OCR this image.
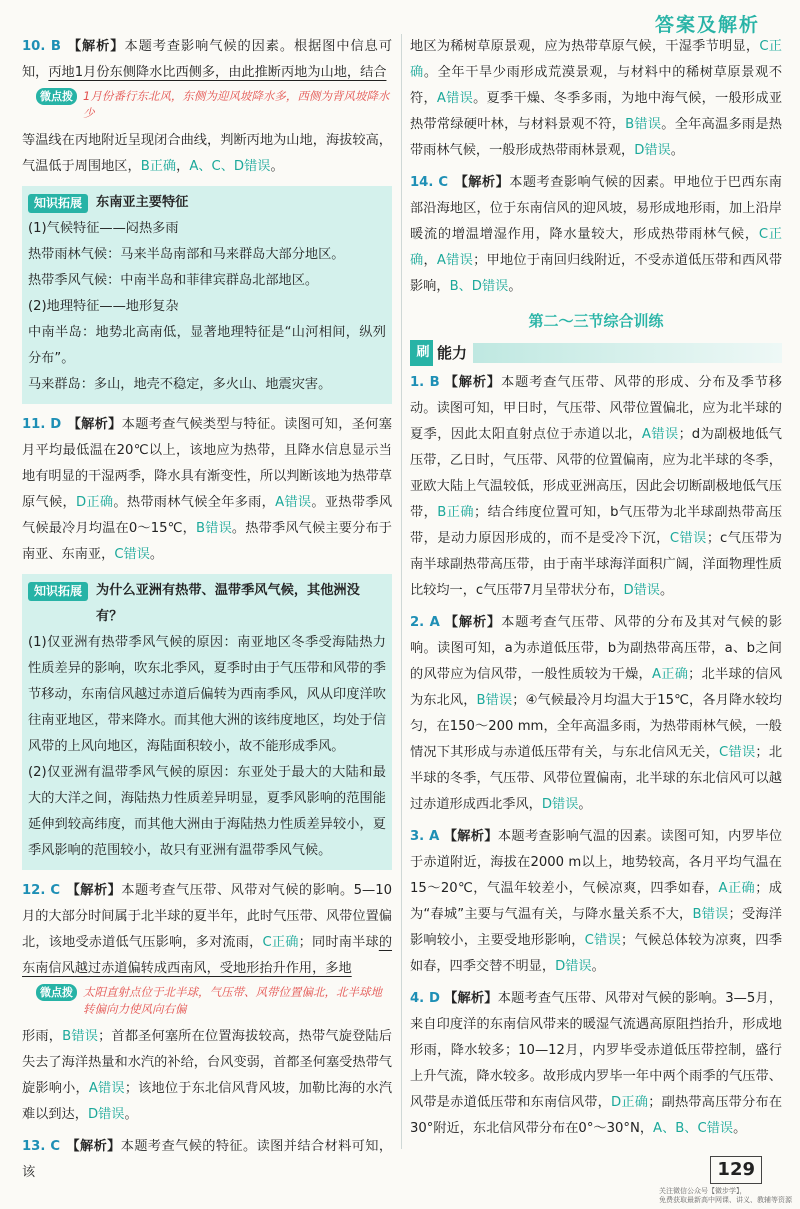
答案及解析

10. B 【解析】本题考查影响气候的因素。根据图中信息可知，丙地1月份东侧降水比西侧多，由此推断丙地为山地，结合

微点拨 1月份番行东北风，东侧为迎风坡降水多，西侧为背风坡降水少

等温线在丙地附近呈现闭合曲线，判断丙地为山地，海拔较高，气温低于周围地区，B正确，A、C、D错误。

知识拓展	东南亚主要特征

(1)气候特征——闷热多雨

热带雨林气候：马来半岛南部和马来群岛大部分地区。

热带季风气候：中南半岛和菲律宾群岛北部地区。

(2)地理特征——地形复杂

中南半岛：地势北高南低，显著地理特征是“山河相间，纵列分布”。

马来群岛：多山，地壳不稳定，多火山、地震灾害。

11. D 【解析】本题考查气候类型与特征。读图可知，圣何塞月平均最低温在20℃以上，该地应为热带，且降水信息显示当地有明显的干湿两季，降水具有渐变性，所以判断该地为热带草原气候，D正确。热带雨林气候全年多雨，A错误。亚热带季风气候最冷月均温在0～15℃，B错误。热带季风气候主要分布于南亚、东南亚，C错误。

知识拓展	为什么亚洲有热带、温带季风气候，其他洲没有？

(1)仅亚洲有热带季风气候的原因：南亚地区冬季受海陆热力性质差异的影响，吹东北季风，夏季时由于气压带和风带的季节移动，东南信风越过赤道后偏转为西南季风，风从印度洋吹往南亚地区，带来降水。而其他大洲的该纬度地区，均处于信风带的上风向地区，海陆面积较小，故不能形成季风。

(2)仅亚洲有温带季风气候的原因：东亚处于最大的大陆和最大的大洋之间，海陆热力性质差异明显，夏季风影响的范围能延伸到较高纬度，而其他大洲由于海陆热力性质差异较小，夏季风影响的范围较小，故只有亚洲有温带季风气候。

12. C 【解析】本题考查气压带、风带对气候的影响。5—10月的大部分时间属于北半球的夏半年，此时气压带、风带位置偏北，该地受赤道低气压影响，多对流雨，C正确；同时南半球的东南信风越过赤道偏转成西南风，受地形抬升作用，多地

微点拨 太阳直射点位于北半球，气压带、风带位置偏北，北半球地转偏向力使风向右偏

形雨，B错误；首都圣何塞所在位置海拔较高，热带气旋登陆后失去了海洋热量和水汽的补给，台风变弱，首都圣何塞受热带气旋影响小，A错误；该地位于东北信风背风坡，加勒比海的水汽难以到达，D错误。

13. C 【解析】本题考查气候的特征。读图并结合材料可知，该

地区为稀树草原景观，应为热带草原气候，干湿季节明显，C正确。全年干旱少雨形成荒漠景观，与材料中的稀树草原景观不符，A错误。夏季干燥、冬季多雨，为地中海气候，一般形成亚热带常绿硬叶林，与材料景观不符，B错误。全年高温多雨是热带雨林气候，一般形成热带雨林景观，D错误。

14. C 【解析】本题考查影响气候的因素。甲地位于巴西东南部沿海地区，位于东南信风的迎风坡，易形成地形雨，加上沿岸暖流的增温增湿作用，降水量较大，形成热带雨林气候，C正确，A错误；甲地位于南回归线附近，不受赤道低压带和西风带影响，B、D错误。

第二～三节综合训练
刷 能力

1. B 【解析】本题考查气压带、风带的形成、分布及季节移动。读图可知，甲日时，气压带、风带位置偏北，应为北半球的夏季，因此太阳直射点位于赤道以北，A错误；d为副极地低气压带，乙日时，气压带、风带的位置偏南，应为北半球的冬季，亚欧大陆上气温较低，形成亚洲高压，因此会切断副极地低气压带，B正确；结合纬度位置可知，b气压带为北半球副热带高压带，是动力原因形成的，而不是受冷下沉，C错误；c气压带为南半球副热带高压带，由于南半球海洋面积广阔，洋面物理性质比较均一，c气压带7月呈带状分布，D错误。

2. A 【解析】本题考查气压带、风带的分布及其对气候的影响。读图可知，a为赤道低压带，b为副热带高压带，a、b之间的风带应为信风带，一般性质较为干燥，A正确；北半球的信风为东北风，B错误；④气候最冷月均温大于15℃，各月降水较均匀，在150～200 mm，全年高温多雨，为热带雨林气候，一般情况下其形成与赤道低压带有关，与东北信风无关，C错误；北半球的冬季，气压带、风带位置偏南，北半球的东北信风可以越过赤道形成西北季风，D错误。

3. A 【解析】本题考查影响气温的因素。读图可知，内罗毕位于赤道附近，海拔在2000 m以上，地势较高，各月平均气温在15～20℃，气温年较差小，气候凉爽，四季如春，A正确；成为“春城”主要与气温有关，与降水量关系不大，B错误；受海洋影响较小，主要受地形影响，C错误；气候总体较为凉爽，四季如春，四季交替不明显，D错误。

4. D 【解析】本题考查气压带、风带对气候的影响。3—5月，来自印度洋的东南信风带来的暖湿气流遇高原阻挡抬升，形成地形雨，降水较多；10—12月，内罗毕受赤道低压带控制，盛行上升气流，降水较多。故形成内罗毕一年中两个雨季的气压带、风带是赤道低压带和东南信风带，D正确；副热带高压带分布在30°附近，东北信风带分布在0°～30°N，A、B、C错误。

129
关注微信公众号【微步学】，
免费获取最新高中网课、讲义、教辅等资源
